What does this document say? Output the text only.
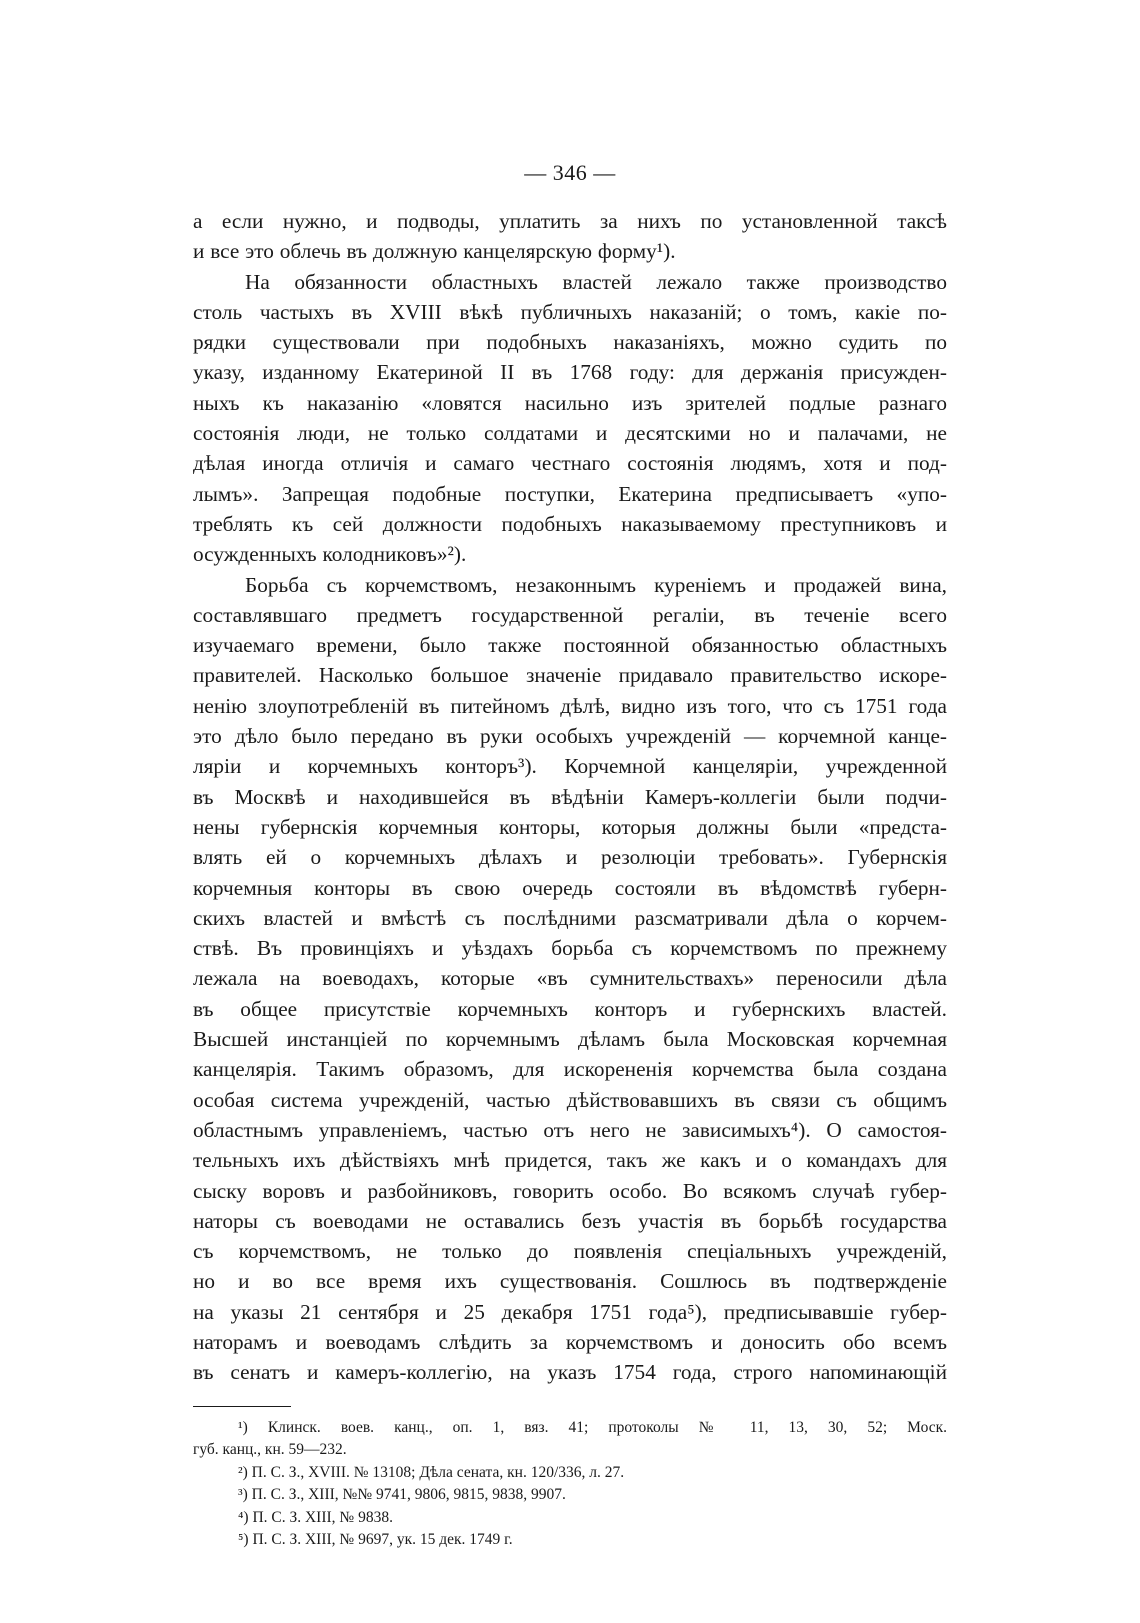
— 346 —
а если нужно, и подводы, уплатить за нихъ по установленной таксѣ
и все это облечь въ должную канцелярскую форму¹).
На обязанности областныхъ властей лежало также производство
столь частыхъ въ XVIII вѣкѣ публичныхъ наказаній; о томъ, какіе по-
рядки существовали при подобныхъ наказаніяхъ, можно судить по
указу, изданному Екатериной II въ 1768 году: для держанія присужден-
ныхъ къ наказанію «ловятся насильно изъ зрителей подлые разнаго
состоянія люди, не только солдатами и десятскими но и палачами, не
дѣлая иногда отличія и самаго честнаго состоянія людямъ, хотя и под-
лымъ». Запрещая подобные поступки, Екатерина предписываетъ «упо-
треблять къ сей должности подобныхъ наказываемому преступниковъ и
осужденныхъ колодниковъ»²).
Борьба съ корчемствомъ, незаконнымъ куреніемъ и продажей вина,
составлявшаго предметъ государственной регаліи, въ теченіе всего
изучаемаго времени, было также постоянной обязанностью областныхъ
правителей. Насколько большое значеніе придавало правительство искоре-
ненію злоупотребленій въ питейномъ дѣлѣ, видно изъ того, что съ 1751 года
это дѣло было передано въ руки особыхъ учрежденій — корчемной канце-
ляріи и корчемныхъ конторъ³). Корчемной канцеляріи, учрежденной
въ Москвѣ и находившейся въ вѣдѣніи Камеръ-коллегіи были подчи-
нены губернскія корчемныя конторы, которыя должны были «предста-
влять ей о корчемныхъ дѣлахъ и резолюціи требовать». Губернскія
корчемныя конторы въ свою очередь состояли въ вѣдомствѣ губерн-
скихъ властей и вмѣстѣ съ послѣдними разсматривали дѣла о корчем-
ствѣ. Въ провинціяхъ и уѣздахъ борьба съ корчемствомъ по прежнему
лежала на воеводахъ, которые «въ сумнительствахъ» переносили дѣла
въ общее присутствіе корчемныхъ конторъ и губернскихъ властей.
Высшей инстанціей по корчемнымъ дѣламъ была Московская корчемная
канцелярія. Такимъ образомъ, для искорененія корчемства была создана
особая система учрежденій, частью дѣйствовавшихъ въ связи съ общимъ
областнымъ управленіемъ, частью отъ него не зависимыхъ⁴). О самостоя-
тельныхъ ихъ дѣйствіяхъ мнѣ придется, такъ же какъ и о командахъ для
сыску воровъ и разбойниковъ, говорить особо. Во всякомъ случаѣ губер-
наторы съ воеводами не оставались безъ участія въ борьбѣ государства
съ корчемствомъ, не только до появленія спеціальныхъ учрежденій,
но и во все время ихъ существованія. Сошлюсь въ подтвержденіе
на указы 21 сентября и 25 декабря 1751 года⁵), предписывавшіе губер-
наторамъ и воеводамъ слѣдить за корчемствомъ и доносить обо всемъ
въ сенатъ и камеръ-коллегію, на указъ 1754 года, строго напоминающій
¹) Клинск. воев. канц., оп. 1, вяз. 41; протоколы № 11, 13, 30, 52; Моск.
губ. канц., кн. 59—232.
²) П. С. З., XVIII. № 13108; Дѣла сената, кн. 120/336, л. 27.
³) П. С. З., XIII, №№ 9741, 9806, 9815, 9838, 9907.
⁴) П. С. З. XIII, № 9838.
⁵) П. С. З. XIII, № 9697, ук. 15 дек. 1749 г.
